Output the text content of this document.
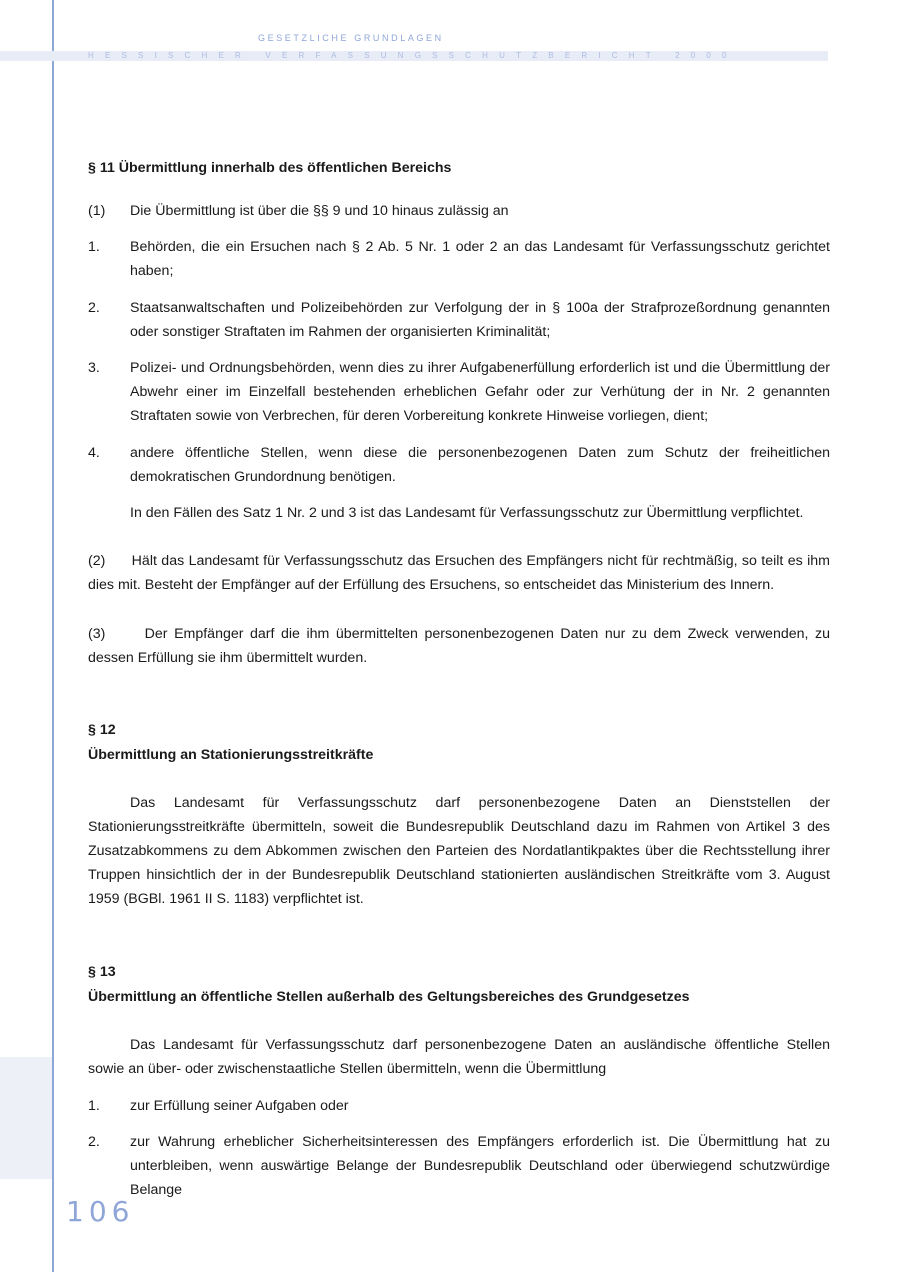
GESETZLICHE GRUNDLAGEN
HESSISCHER VERFASSUNGSSCHUTZBERICHT 2000
§ 11 Übermittlung innerhalb des öffentlichen Bereichs
(1) Die Übermittlung ist über die §§ 9 und 10 hinaus zulässig an
1. Behörden, die ein Ersuchen nach § 2 Ab. 5 Nr. 1 oder 2 an das Landesamt für Verfassungsschutz gerichtet haben;
2. Staatsanwaltschaften und Polizeibehörden zur Verfolgung der in § 100a der Strafprozeßordnung genannten oder sonstiger Straftaten im Rahmen der organisierten Kriminalität;
3. Polizei- und Ordnungsbehörden, wenn dies zu ihrer Aufgabenerfüllung erforderlich ist und die Übermittlung der Abwehr einer im Einzelfall bestehenden erheblichen Gefahr oder zur Verhütung der in Nr. 2 genannten Straftaten sowie von Verbrechen, für deren Vorbereitung konkrete Hinweise vorliegen, dient;
4. andere öffentliche Stellen, wenn diese die personenbezogenen Daten zum Schutz der freiheitlichen demokratischen Grundordnung benötigen.
In den Fällen des Satz 1 Nr. 2 und 3 ist das Landesamt für Verfassungsschutz zur Übermittlung verpflichtet.
(2)      Hält das Landesamt für Verfassungsschutz das Ersuchen des Empfängers nicht für rechtmäßig, so teilt es ihm dies mit. Besteht der Empfänger auf der Erfüllung des Ersuchens, so entscheidet das Ministerium des Innern.
(3)      Der Empfänger darf die ihm übermittelten personenbezogenen Daten nur zu dem Zweck verwenden, zu dessen Erfüllung sie ihm übermittelt wurden.
§ 12
Übermittlung an Stationierungsstreitkräfte
Das Landesamt für Verfassungsschutz darf personenbezogene Daten an Dienststellen der Stationierungsstreitkräfte übermitteln, soweit die Bundesrepublik Deutschland dazu im Rahmen von Artikel 3 des Zusatzabkommens zu dem Abkommen zwischen den Parteien des Nordatlantikpaktes über die Rechtsstellung ihrer Truppen hinsichtlich der in der Bundesrepublik Deutschland stationierten ausländischen Streitkräfte vom 3. August 1959 (BGBl. 1961 II S. 1183) verpflichtet ist.
§ 13
Übermittlung an öffentliche Stellen außerhalb des Geltungsbereiches des Grundgesetzes
Das Landesamt für Verfassungsschutz darf personenbezogene Daten an ausländische öffentliche Stellen sowie an über- oder zwischenstaatliche Stellen übermitteln, wenn die Übermittlung
1. zur Erfüllung seiner Aufgaben oder
2. zur Wahrung erheblicher Sicherheitsinteressen des Empfängers erforderlich ist. Die Übermittlung hat zu unterbleiben, wenn auswärtige Belange der Bundesrepublik Deutschland oder überwiegend schutzwürdige Belange
106
